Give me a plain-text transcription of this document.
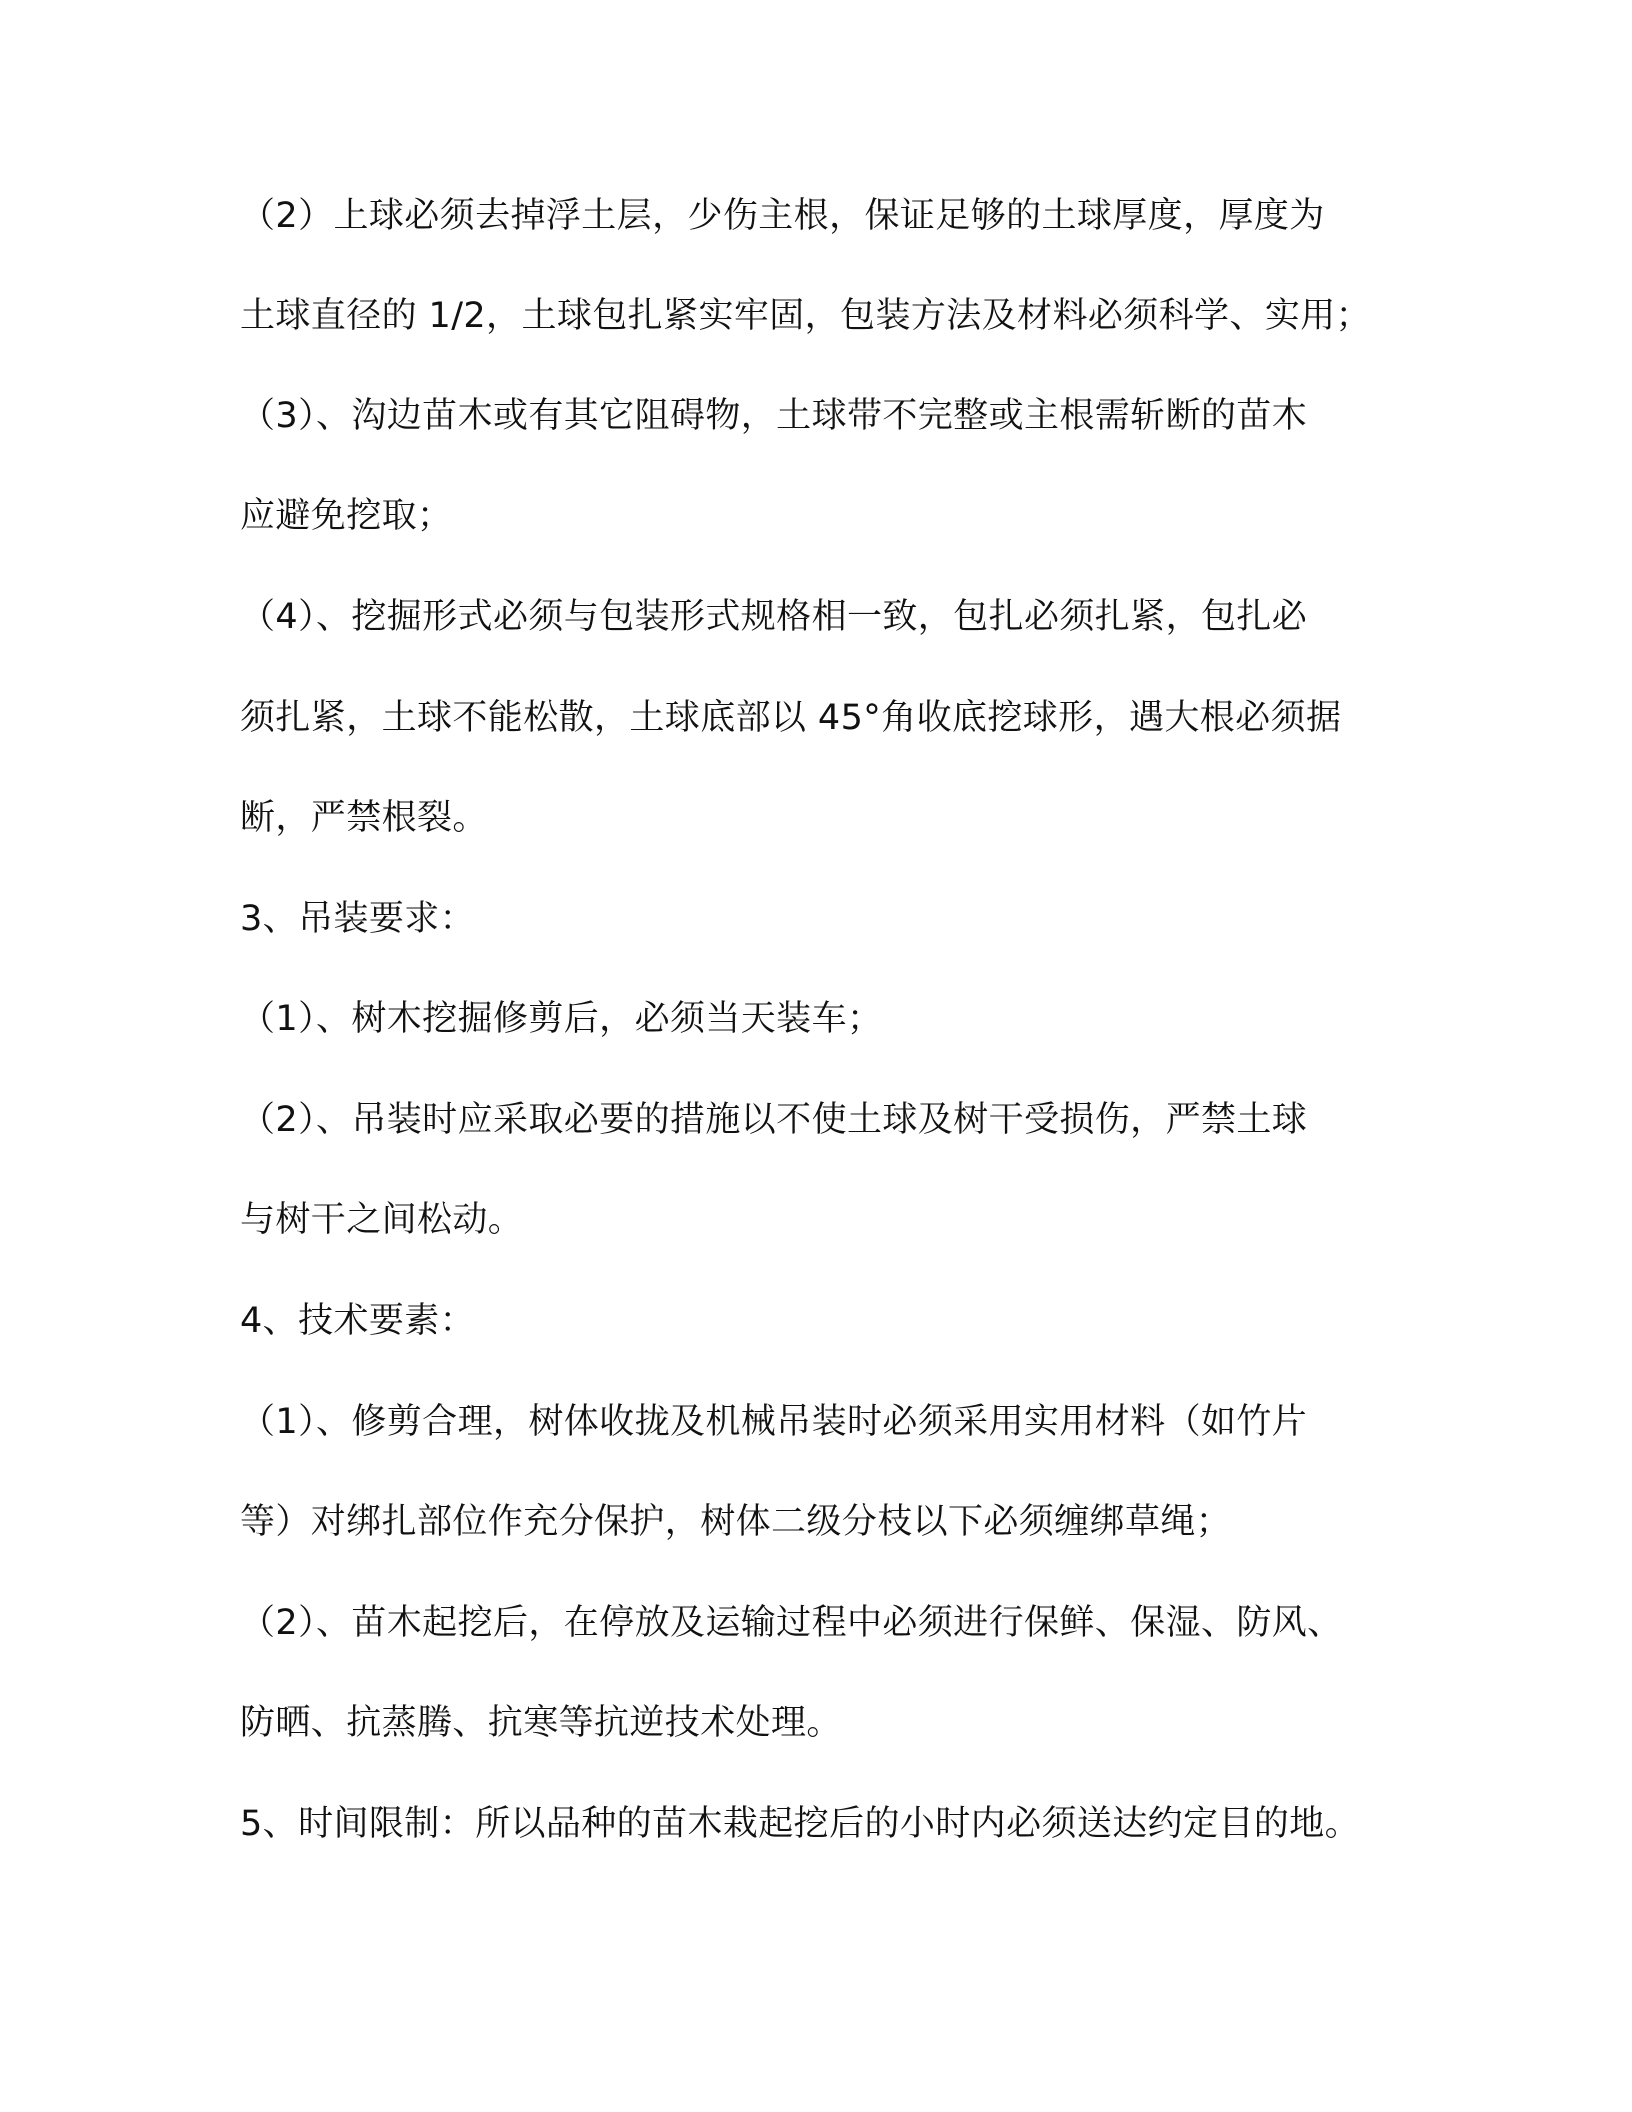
（2）上球必须去掉浮土层，少伤主根，保证足够的土球厚度，厚度为
土球直径的 1/2，土球包扎紧实牢固，包装方法及材料必须科学、实用；
（3）、沟边苗木或有其它阻碍物，土球带不完整或主根需斩断的苗木
应避免挖取；
（4）、挖掘形式必须与包装形式规格相一致，包扎必须扎紧，包扎必
须扎紧，土球不能松散，土球底部以 45°角收底挖球形，遇大根必须据
断，严禁根裂。
3、吊装要求：
（1）、树木挖掘修剪后，必须当天装车；
（2）、吊装时应采取必要的措施以不使土球及树干受损伤，严禁土球
与树干之间松动。
4、技术要素：
（1）、修剪合理，树体收拢及机械吊装时必须采用实用材料（如竹片
等）对绑扎部位作充分保护，树体二级分枝以下必须缠绑草绳；
（2）、苗木起挖后，在停放及运输过程中必须进行保鲜、保湿、防风、
防晒、抗蒸腾、抗寒等抗逆技术处理。
5、时间限制：所以品种的苗木栽起挖后的小时内必须送达约定目的地。
